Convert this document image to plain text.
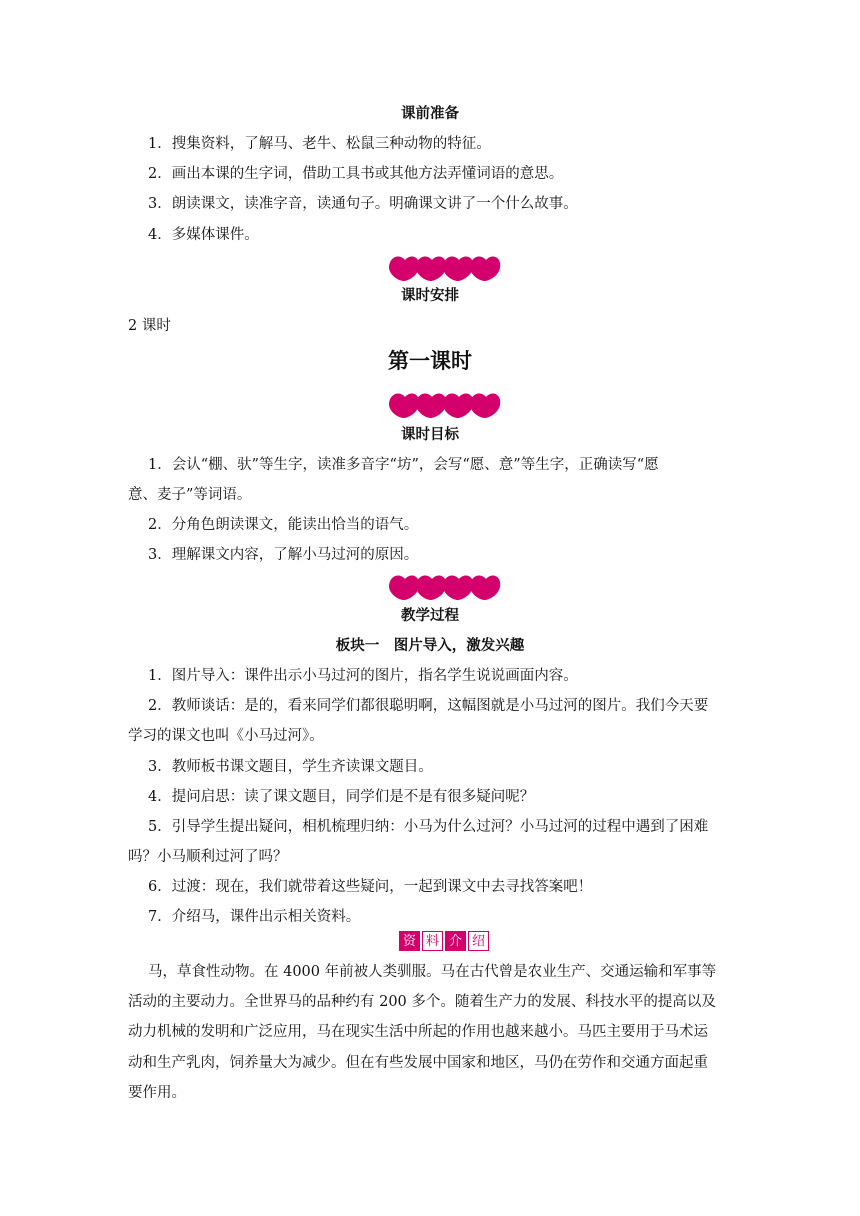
课前准备
1．搜集资料，了解马、老牛、松鼠三种动物的特征。
2．画出本课的生字词，借助工具书或其他方法弄懂词语的意思。
3．朗读课文，读准字音，读通句子。明确课文讲了一个什么故事。
4．多媒体课件。
课时安排
2 课时
第一课时
课时目标
1．会认“棚、驮”等生字，读准多音字“坊”，会写“愿、意”等生字，正确读写“愿
意、麦子”等词语。
2．分角色朗读课文，能读出恰当的语气。
3．理解课文内容，了解小马过河的原因。
教学过程
板块一　图片导入，激发兴趣
1．图片导入：课件出示小马过河的图片，指名学生说说画面内容。
2．教师谈话：是的，看来同学们都很聪明啊，这幅图就是小马过河的图片。我们今天要
学习的课文也叫《小马过河》。
3．教师板书课文题目，学生齐读课文题目。
4．提问启思：读了课文题目，同学们是不是有很多疑问呢？
5．引导学生提出疑问，相机梳理归纳：小马为什么过河？小马过河的过程中遇到了困难
吗？小马顺利过河了吗？
6．过渡：现在，我们就带着这些疑问，一起到课文中去寻找答案吧！
7．介绍马，课件出示相关资料。
资 料 介 绍
马，草食性动物。在 4000 年前被人类驯服。马在古代曾是农业生产、交通运输和军事等
活动的主要动力。全世界马的品种约有 200 多个。随着生产力的发展、科技水平的提高以及
动力机械的发明和广泛应用，马在现实生活中所起的作用也越来越小。马匹主要用于马术运
动和生产乳肉，饲养量大为减少。但在有些发展中国家和地区，马仍在劳作和交通方面起重
要作用。
